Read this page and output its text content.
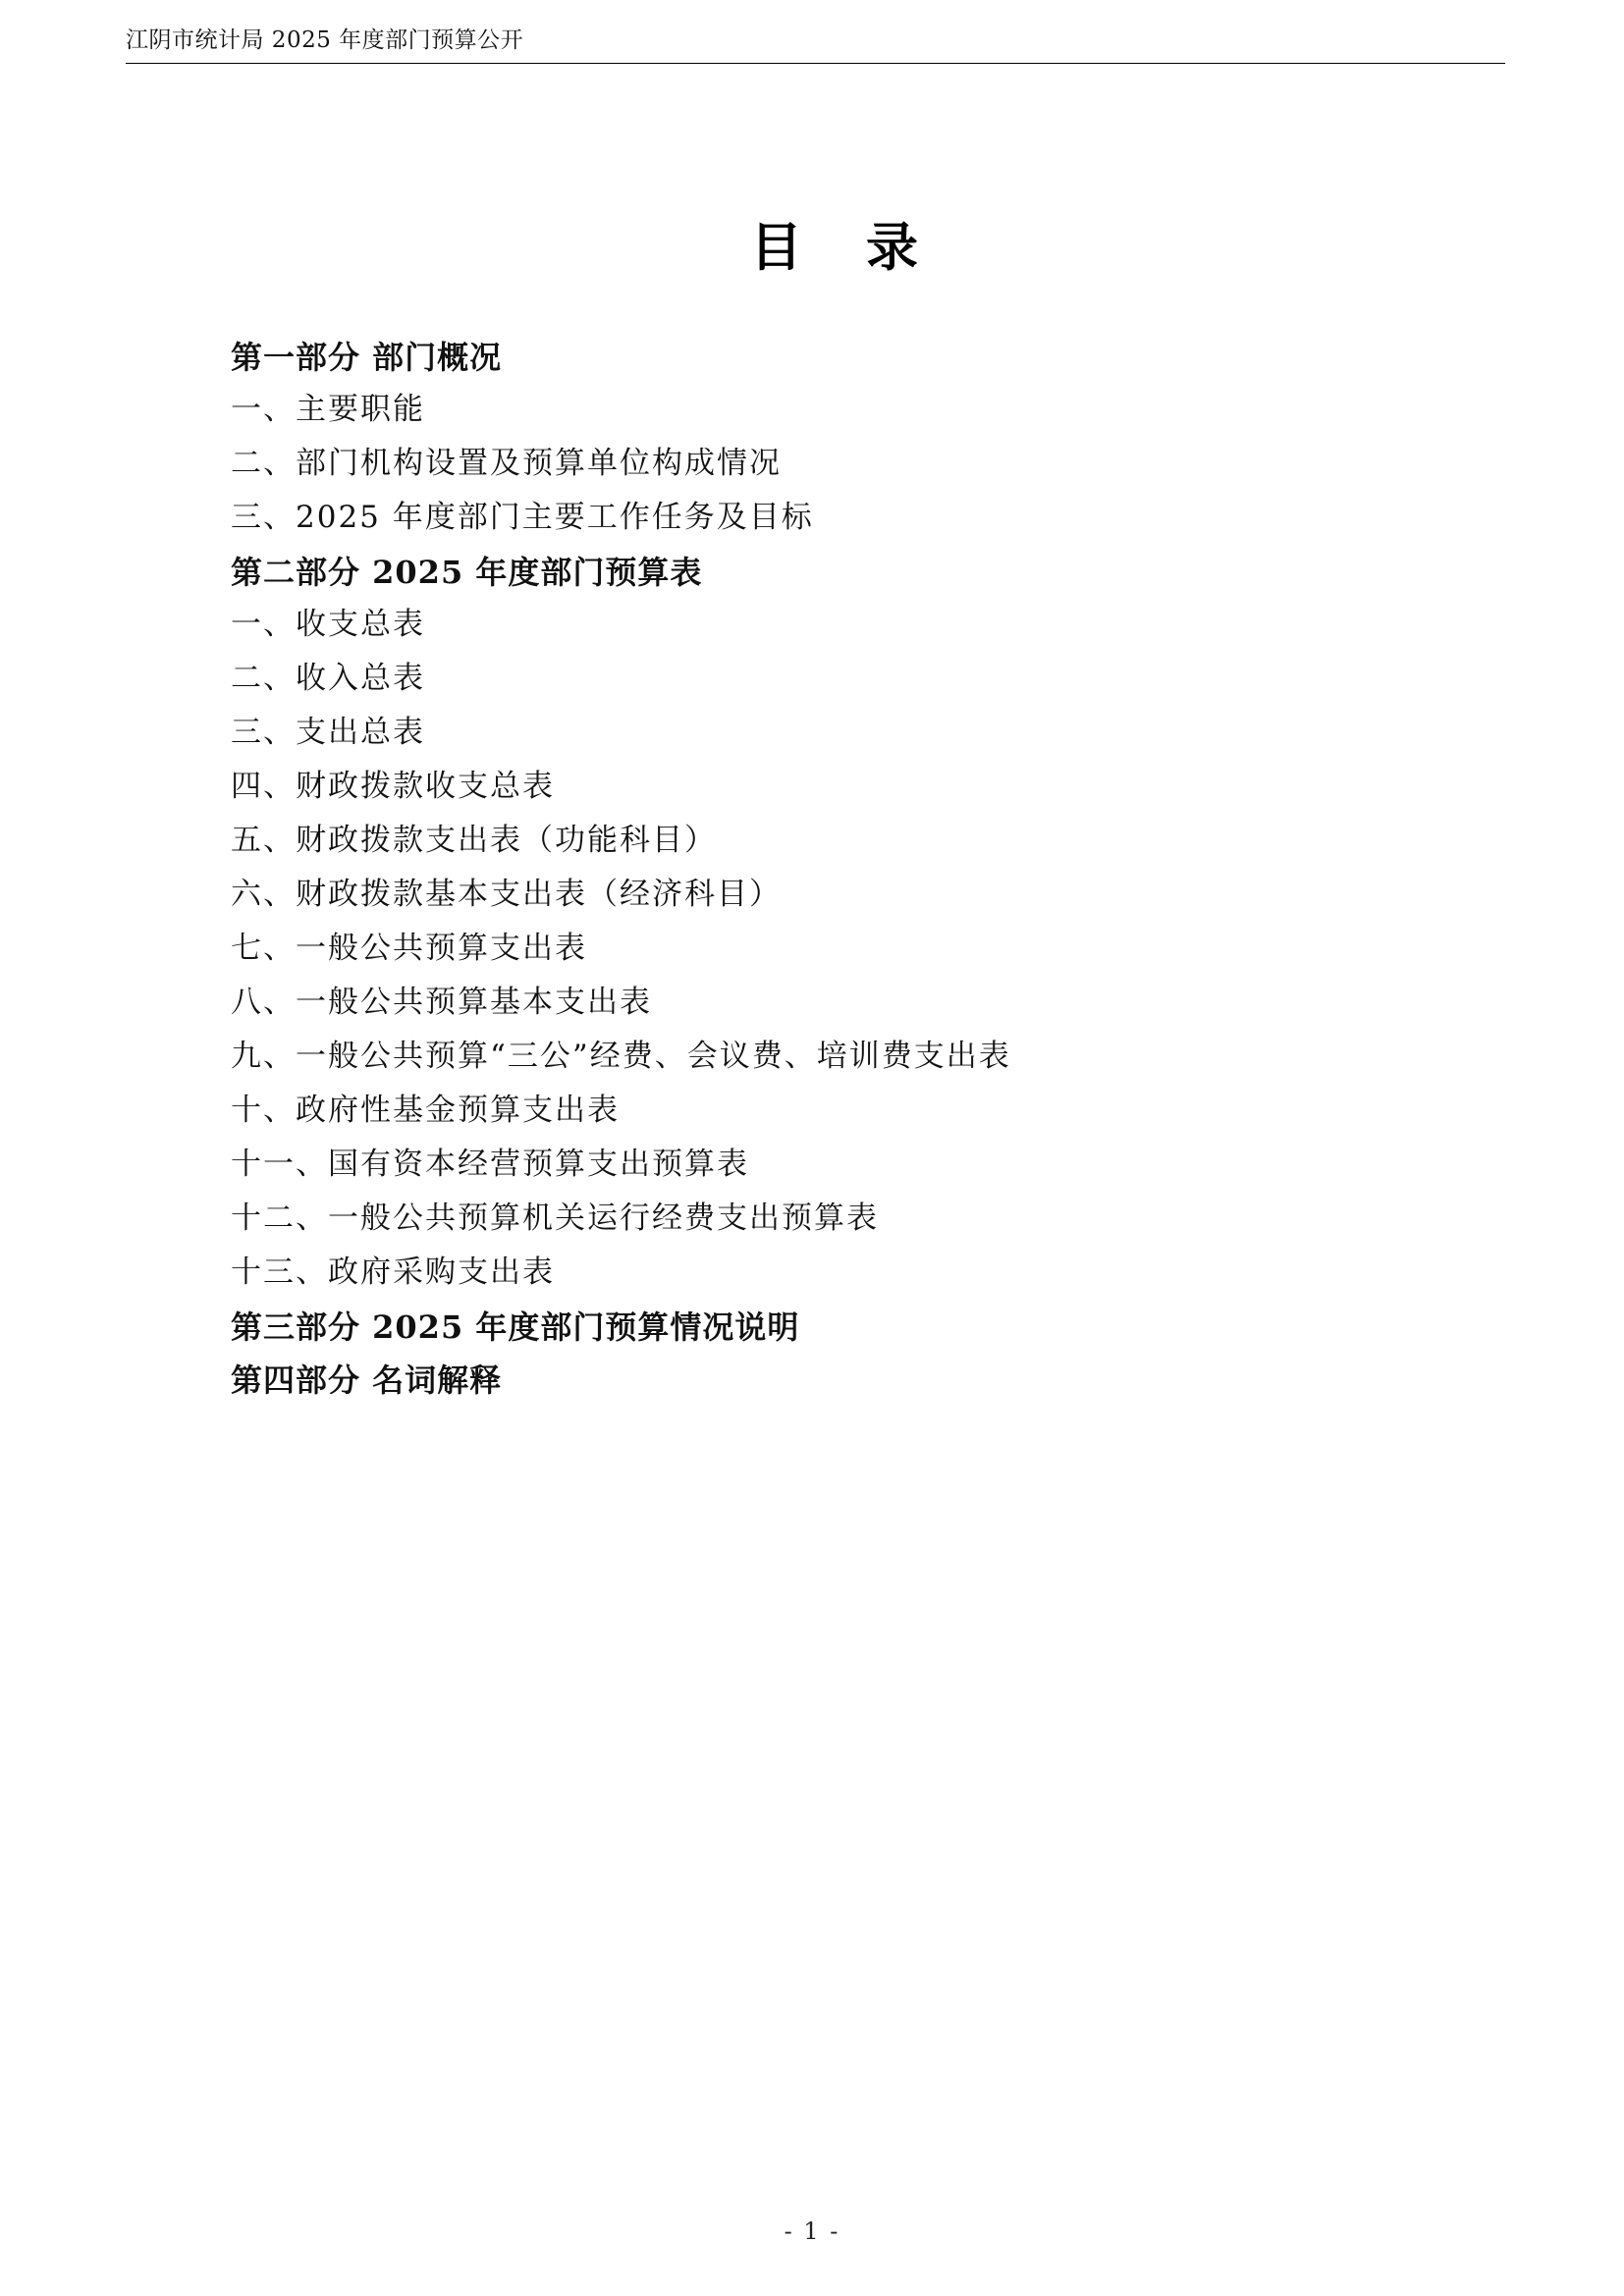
江阴市统计局 2025 年度部门预算公开
目　录
第一部分 部门概况
一、主要职能
二、部门机构设置及预算单位构成情况
三、2025 年度部门主要工作任务及目标
第二部分 2025 年度部门预算表
一、收支总表
二、收入总表
三、支出总表
四、财政拨款收支总表
五、财政拨款支出表（功能科目）
六、财政拨款基本支出表（经济科目）
七、一般公共预算支出表
八、一般公共预算基本支出表
九、一般公共预算“三公”经费、会议费、培训费支出表
十、政府性基金预算支出表
十一、国有资本经营预算支出预算表
十二、一般公共预算机关运行经费支出预算表
十三、政府采购支出表
第三部分 2025 年度部门预算情况说明
第四部分 名词解释
- 1 -
